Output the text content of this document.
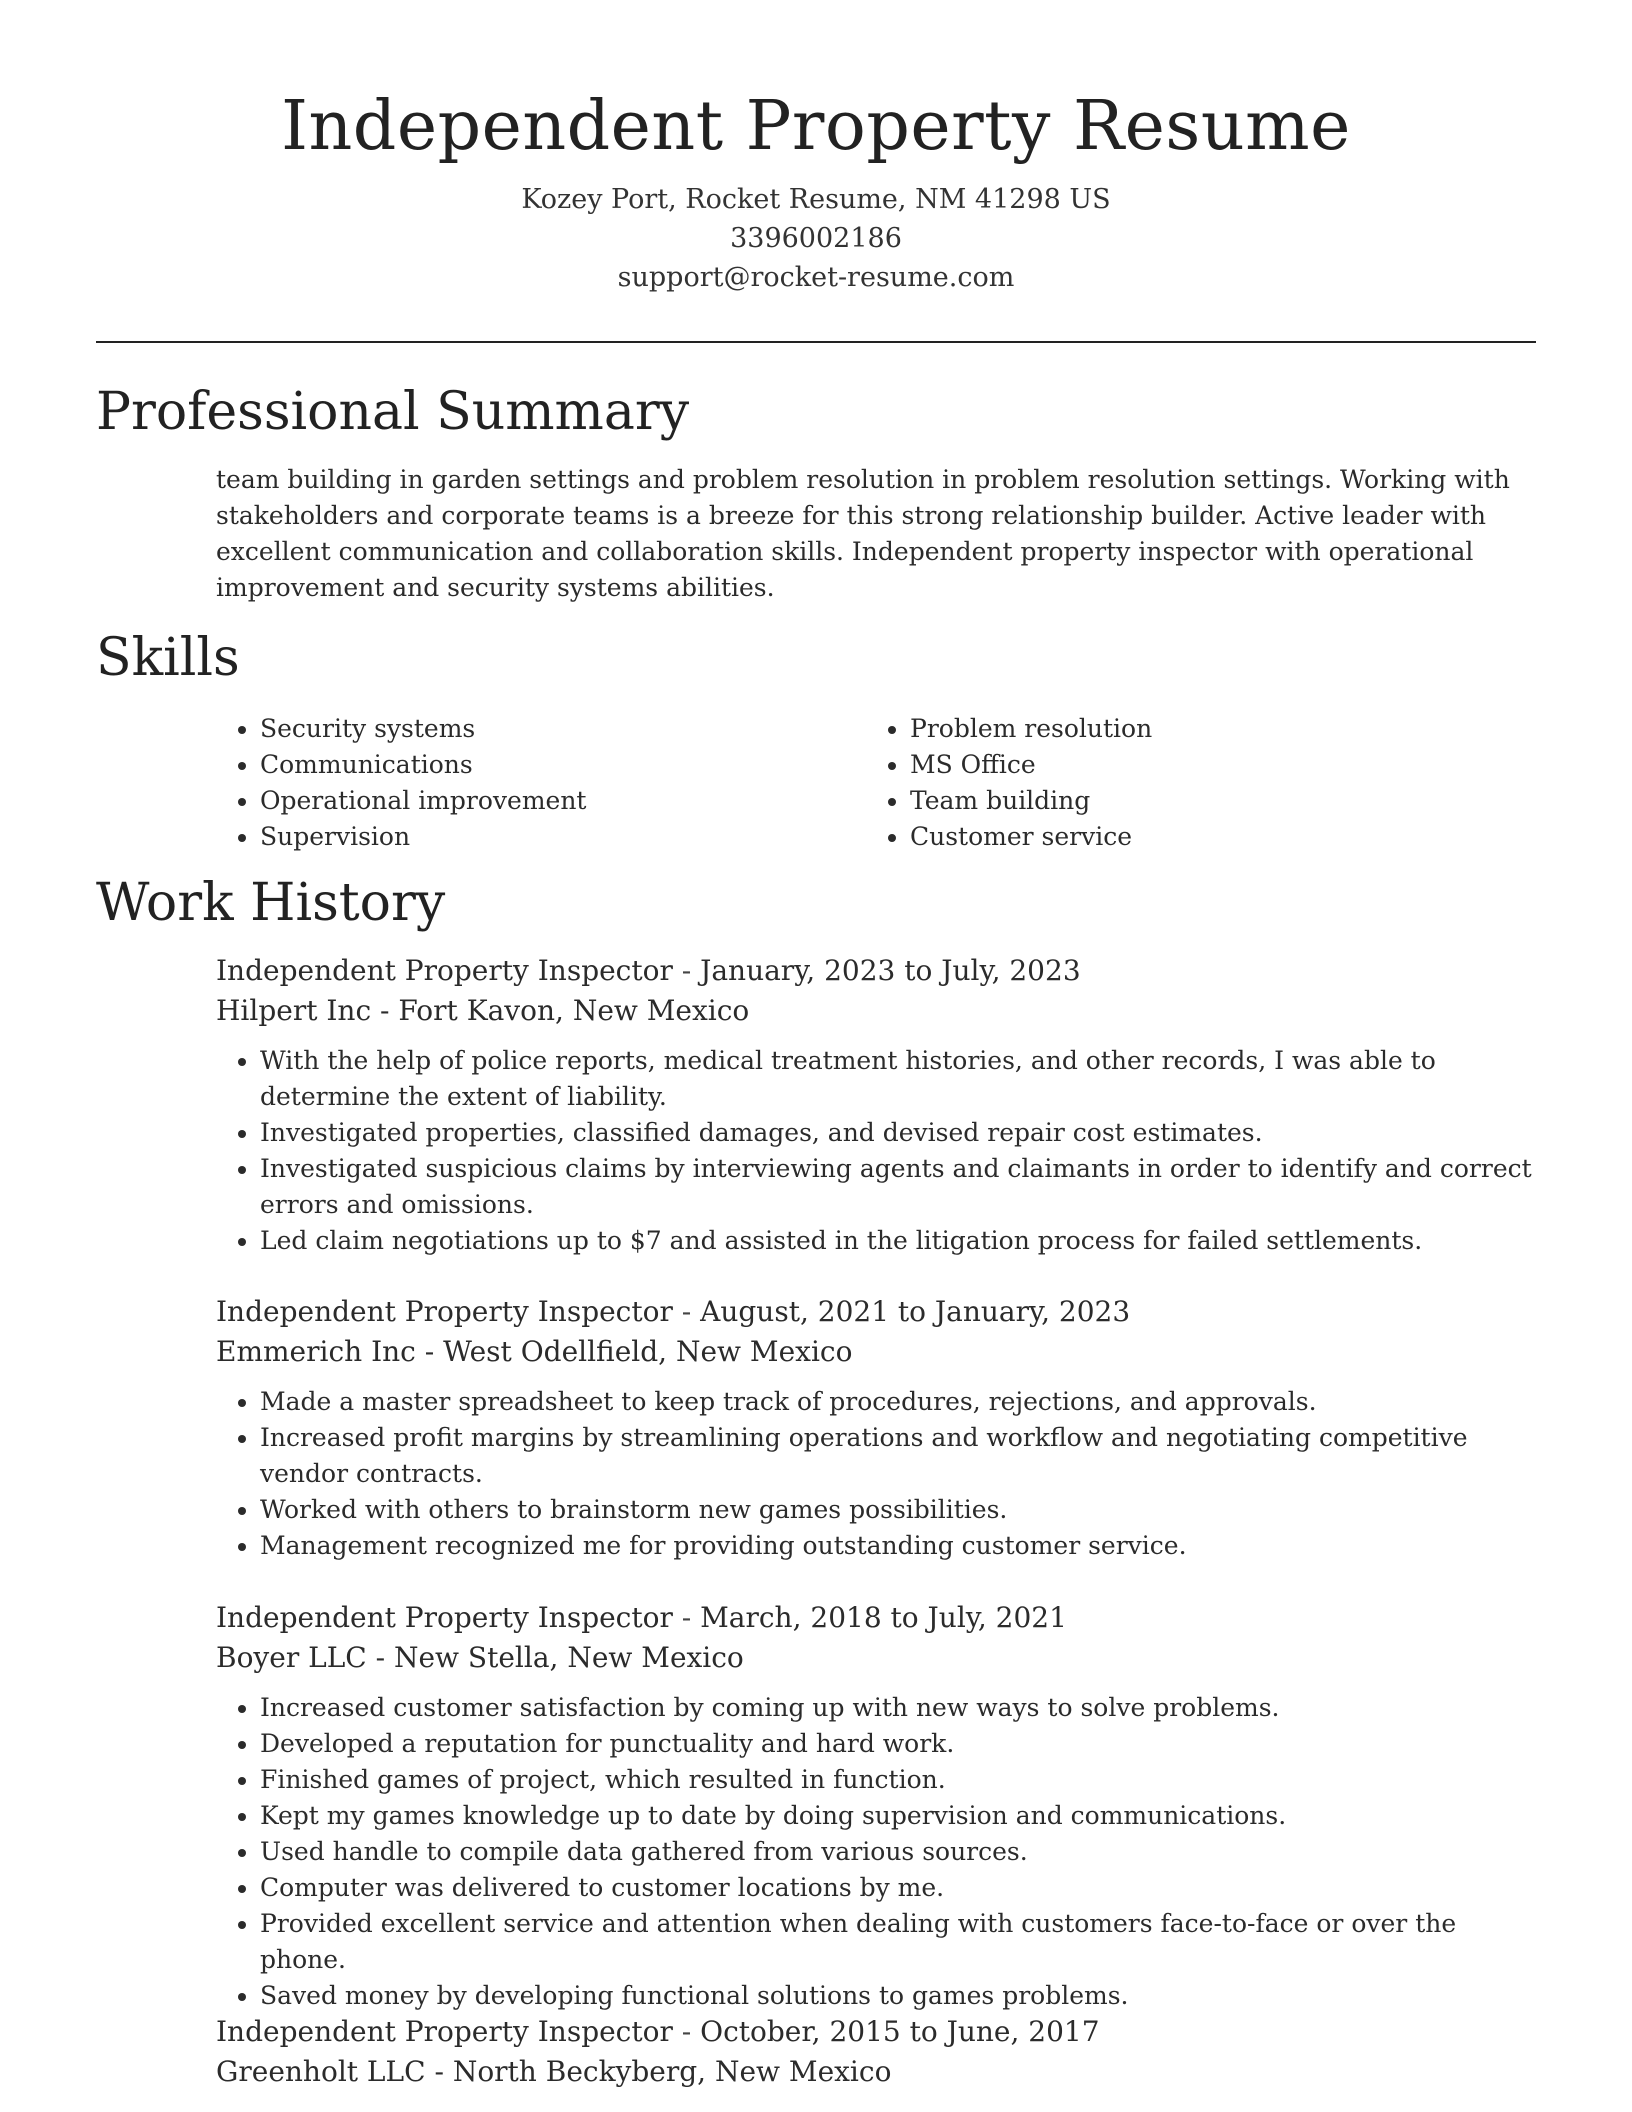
Independent Property Resume
Kozey Port, Rocket Resume, NM 41298 US
3396002186
support@rocket-resume.com
Professional Summary
team building in garden settings and problem resolution in problem resolution settings. Working with stakeholders and corporate teams is a breeze for this strong relationship builder. Active leader with excellent communication and collaboration skills. Independent property inspector with operational improvement and security systems abilities.
Skills
• Security systems
• Communications
• Operational improvement
• Supervision
• Problem resolution
• MS Office
• Team building
• Customer service
Work History
Independent Property Inspector - January, 2023 to July, 2023
Hilpert Inc - Fort Kavon, New Mexico
• With the help of police reports, medical treatment histories, and other records, I was able to determine the extent of liability.
• Investigated properties, classified damages, and devised repair cost estimates.
• Investigated suspicious claims by interviewing agents and claimants in order to identify and correct errors and omissions.
• Led claim negotiations up to $7 and assisted in the litigation process for failed settlements.
Independent Property Inspector - August, 2021 to January, 2023
Emmerich Inc - West Odellfield, New Mexico
• Made a master spreadsheet to keep track of procedures, rejections, and approvals.
• Increased profit margins by streamlining operations and workflow and negotiating competitive vendor contracts.
• Worked with others to brainstorm new games possibilities.
• Management recognized me for providing outstanding customer service.
Independent Property Inspector - March, 2018 to July, 2021
Boyer LLC - New Stella, New Mexico
• Increased customer satisfaction by coming up with new ways to solve problems.
• Developed a reputation for punctuality and hard work.
• Finished games of project, which resulted in function.
• Kept my games knowledge up to date by doing supervision and communications.
• Used handle to compile data gathered from various sources.
• Computer was delivered to customer locations by me.
• Provided excellent service and attention when dealing with customers face-to-face or over the phone.
• Saved money by developing functional solutions to games problems.
Independent Property Inspector - October, 2015 to June, 2017
Greenholt LLC - North Beckyberg, New Mexico
